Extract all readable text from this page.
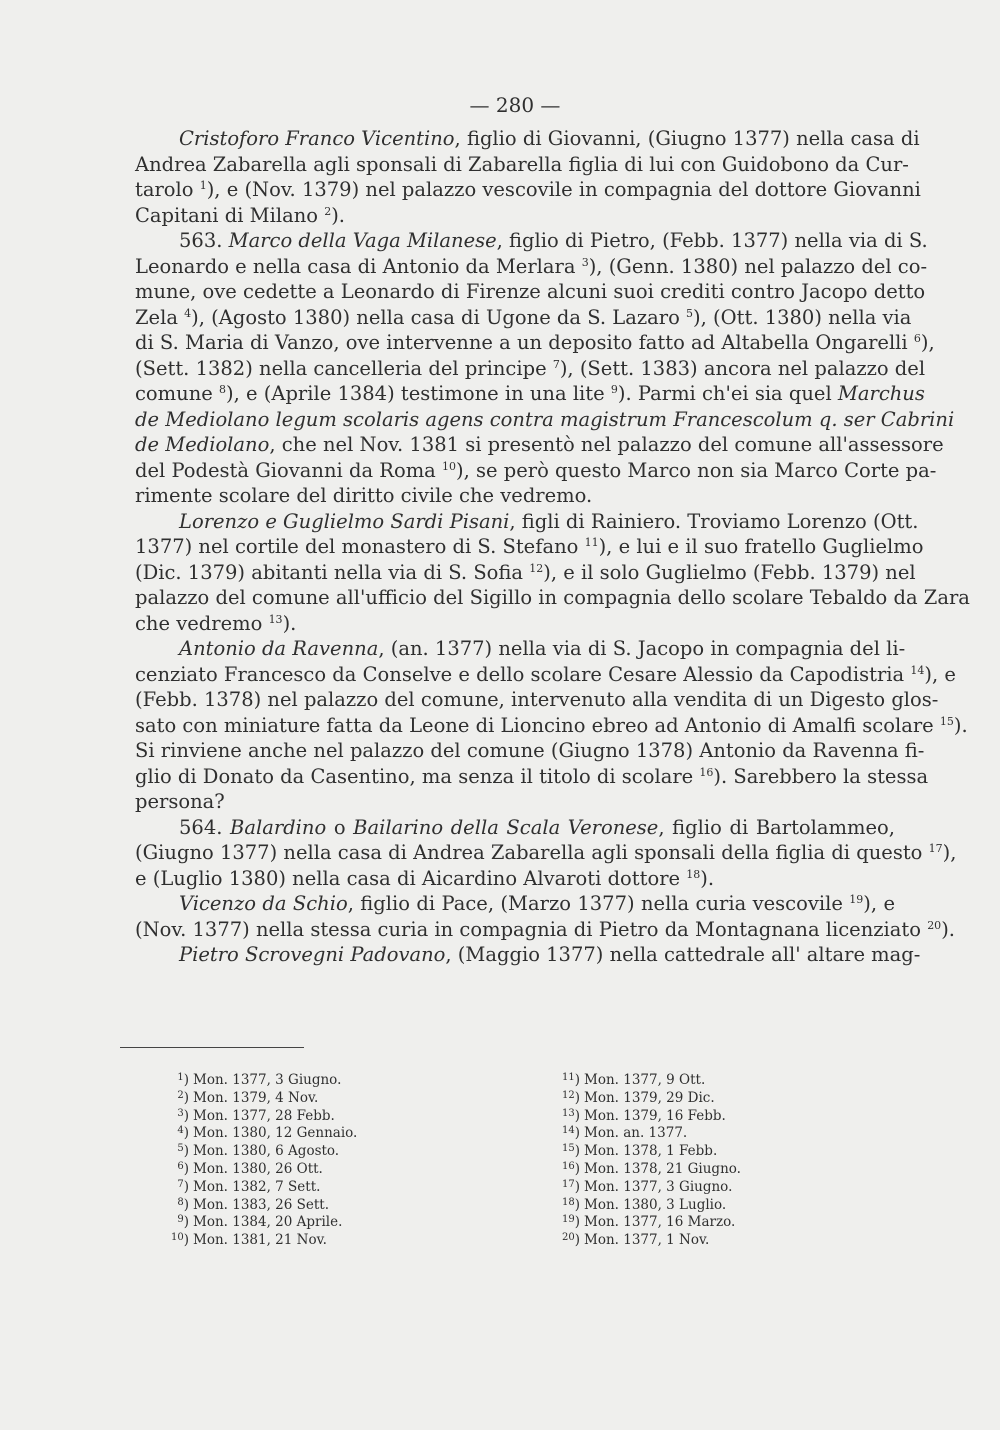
— 280 —
Cristoforo Franco Vicentino, figlio di Giovanni, (Giugno 1377) nella casa di
Andrea Zabarella agli sponsali di Zabarella figlia di lui con Guidobono da Cur-
tarolo $^1$), e (Nov. 1379) nel palazzo vescovile in compagnia del dottore Giovanni
Capitani di Milano $^2$).
563. Marco della Vaga Milanese, figlio di Pietro, (Febb. 1377) nella via di S.
Leonardo e nella casa di Antonio da Merlara $^3$), (Genn. 1380) nel palazzo del co-
mune, ove cedette a Leonardo di Firenze alcuni suoi crediti contro Jacopo detto
Zela $^4$), (Agosto 1380) nella casa di Ugone da S. Lazaro $^5$), (Ott. 1380) nella via
di S. Maria di Vanzo, ove intervenne a un deposito fatto ad Altabella Ongarelli $^6$),
(Sett. 1382) nella cancelleria del principe $^7$), (Sett. 1383) ancora nel palazzo del
comune $^8$), e (Aprile 1384) testimone in una lite $^9$). Parmi ch'ei sia quel Marchus
de Mediolano legum scolaris agens contra magistrum Francescolum q. ser Cabrini
de Mediolano, che nel Nov. 1381 si presentò nel palazzo del comune all'assessore
del Podestà Giovanni da Roma $^{10}$), se però questo Marco non sia Marco Corte pa-
rimente scolare del diritto civile che vedremo.
Lorenzo e Guglielmo Sardi Pisani, figli di Rainiero. Troviamo Lorenzo (Ott.
1377) nel cortile del monastero di S. Stefano $^{11}$), e lui e il suo fratello Guglielmo
(Dic. 1379) abitanti nella via di S. Sofia $^{12}$), e il solo Guglielmo (Febb. 1379) nel
palazzo del comune all'ufficio del Sigillo in compagnia dello scolare Tebaldo da Zara
che vedremo $^{13}$).
Antonio da Ravenna, (an. 1377) nella via di S. Jacopo in compagnia del li-
cenziato Francesco da Conselve e dello scolare Cesare Alessio da Capodistria $^{14}$), e
(Febb. 1378) nel palazzo del comune, intervenuto alla vendita di un Digesto glos-
sato con miniature fatta da Leone di Lioncino ebreo ad Antonio di Amalfi scolare $^{15}$).
Si rinviene anche nel palazzo del comune (Giugno 1378) Antonio da Ravenna fi-
glio di Donato da Casentino, ma senza il titolo di scolare $^{16}$). Sarebbero la stessa
persona?
564. Balardino o Bailarino della Scala Veronese, figlio di Bartolammeo,
(Giugno 1377) nella casa di Andrea Zabarella agli sponsali della figlia di questo $^{17}$),
e (Luglio 1380) nella casa di Aicardino Alvaroti dottore $^{18}$).
Vicenzo da Schio, figlio di Pace, (Marzo 1377) nella curia vescovile $^{19}$), e
(Nov. 1377) nella stessa curia in compagnia di Pietro da Montagnana licenziato $^{20}$).
Pietro Scrovegni Padovano, (Maggio 1377) nella cattedrale all' altare mag-
$^1$) Mon. 1377, 3 Giugno.
$^2$) Mon. 1379, 4 Nov.
$^3$) Mon. 1377, 28 Febb.
$^4$) Mon. 1380, 12 Gennaio.
$^5$) Mon. 1380, 6 Agosto.
$^6$) Mon. 1380, 26 Ott.
$^7$) Mon. 1382, 7 Sett.
$^8$) Mon. 1383, 26 Sett.
$^9$) Mon. 1384, 20 Aprile.
$^{10}$) Mon. 1381, 21 Nov.
$^{11}$) Mon. 1377, 9 Ott.
$^{12}$) Mon. 1379, 29 Dic.
$^{13}$) Mon. 1379, 16 Febb.
$^{14}$) Mon. an. 1377.
$^{15}$) Mon. 1378, 1 Febb.
$^{16}$) Mon. 1378, 21 Giugno.
$^{17}$) Mon. 1377, 3 Giugno.
$^{18}$) Mon. 1380, 3 Luglio.
$^{19}$) Mon. 1377, 16 Marzo.
$^{20}$) Mon. 1377, 1 Nov.
